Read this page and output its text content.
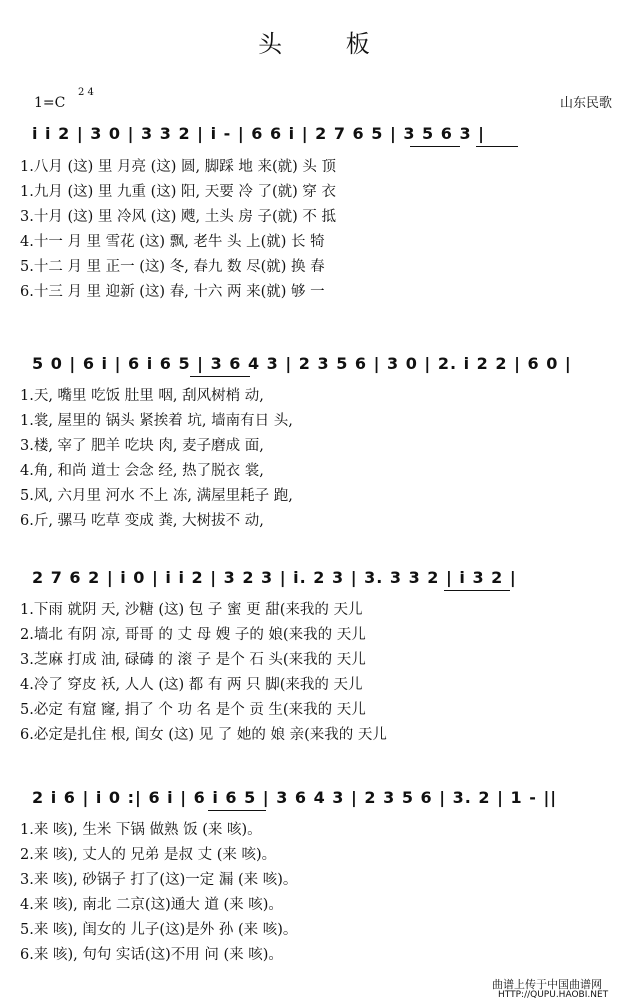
头 板
1=C
2 4
山东民歌
i i 2 | 3 0 | 3 3 2 | i - | 6 6 i | 2 7 6 5 | 3 5 6 3 |
1.八月 (这) 里 月亮 (这) 圆, 脚踩 地 来(就) 头 顶
1.九月 (这) 里 九重 (这) 阳, 天要 冷 了(就) 穿 衣
3.十月 (这) 里 冷风 (这) 飕, 土头 房 子(就) 不 抵
4.十一 月 里 雪花 (这) 飘, 老牛 头 上(就) 长 犄
5.十二 月 里 正一 (这) 冬, 春九 数 尽(就) 换 春
6.十三 月 里 迎新 (这) 春, 十六 两 来(就) 够 一
5 0 | 6 i | 6 i 6 5 | 3 6 4 3 | 2 3 5 6 | 3 0 | 2. i 2 2 | 6 0 |
1.天, 嘴里 吃饭 肚里 咽, 刮风树梢 动,
1.裳, 屋里的 锅头 紧挨着 坑, 墙南有日 头,
3.楼, 宰了 肥羊 吃块 肉, 麦子磨成 面,
4.角, 和尚 道士 会念 经, 热了脱衣 裳,
5.风, 六月里 河水 不上 冻, 满屋里耗子 跑,
6.斤, 骡马 吃草 变成 粪, 大树拔不 动,
2 7 6 2 | i 0 | i i 2 | 3 2 3 | i. 2 3 | 3. 3 3 2 | i 3 2 |
1.下雨 就阴 天, 沙糖 (这) 包 子 蜜 更 甜(来我的 天儿
2.墙北 有阴 凉, 哥哥 的 丈 母 嫂 子的 娘(来我的 天儿
3.芝麻 打成 油, 碌碡 的 滚 子 是个 石 头(来我的 天儿
4.冷了 穿皮 袄, 人人 (这) 都 有 两 只 脚(来我的 天儿
5.必定 有窟 窿, 捐了 个 功 名 是个 贡 生(来我的 天儿
6.必定是扎住 根, 闺女 (这) 见 了 她的 娘 亲(来我的 天儿
2 i 6 | i 0 :| 6 i | 6 i 6 5 | 3 6 4 3 | 2 3 5 6 | 3. 2 | 1 - ||
1.来 咳), 生米 下锅 做熟 饭 (来 咳)。
2.来 咳), 丈人的 兄弟 是叔 丈 (来 咳)。
3.来 咳), 砂锅子 打了(这)一定 漏 (来 咳)。
4.来 咳), 南北 二京(这)通大 道 (来 咳)。
5.来 咳), 闺女的 儿子(这)是外 孙 (来 咳)。
6.来 咳), 句句 实话(这)不用 问 (来 咳)。
曲谱上传于中国曲谱网
HTTP://QUPU.HAOBI.NET
